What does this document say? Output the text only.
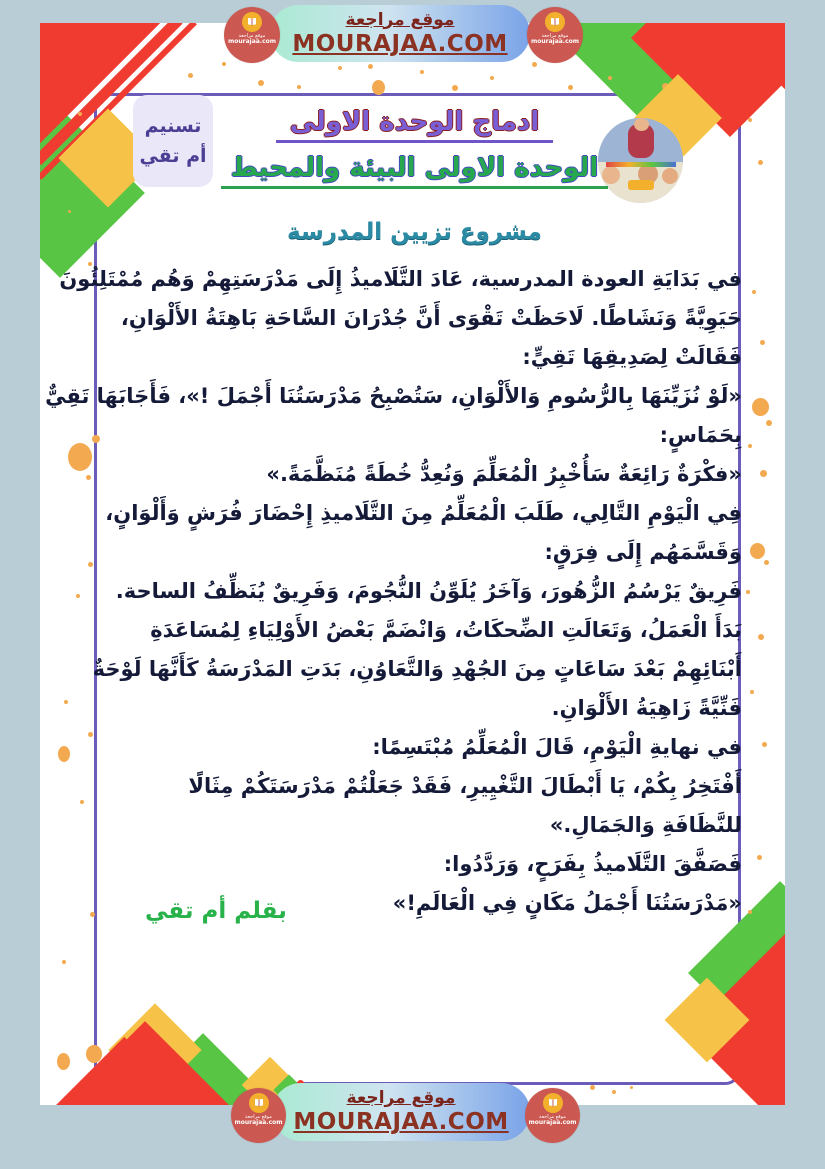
تسنيم
أم تقي
ادماج الوحدة الاولى
الوحدة الاولى البيئة والمحيط
مشروع تزيين المدرسة
في بَدَايَةِ العودة المدرسية، عَادَ التَّلَاميذُ إِلَى مَدْرَسَتِهِمْ وَهُم مُمْتَلِئُونَ
حَيَوِيَّةً وَنَشَاطًا. لَاحَظَتْ تَقْوَى أَنَّ جُدْرَانَ السَّاحَةِ بَاهِتَةُ الأَلْوَانِ،
فَقَالَتْ لِصَدِيقِهَا تَقِيٍّ:
«لَوْ نُزَيِّنَهَا بِالرُّسُومِ وَالأَلْوَانِ، سَتُصْبِحُ مَدْرَسَتُنَا أَجْمَلَ !»، فَأَجَابَهَا تَقِيٌّ
بِحَمَاسٍ:
«فكْرَةٌ رَائِعَةٌ سَأُخْبِرُ الْمُعَلِّمَ وَنُعِدُّ خُطَةً مُنَظَّمَةً.»
فِي الْيَوْمِ التَّالِي، طَلَبَ الْمُعَلِّمُ مِنَ التَّلَاميذِ إِحْضَارَ فُرَشٍ وَأَلْوَانٍ،
وَقَسَّمَهُم إِلَى فِرَقٍ:
فَرِيقٌ يَرْسُمُ الزُّهُورَ، وَآخَرُ يُلَوِّنُ النُّجُومَ، وَفَرِيقٌ يُنَظِّفُ الساحة.
بَدَأَ الْعَمَلُ، وَتَعَالَتِ الضِّحكَاتُ، وَانْضَمَّ بَعْضُ الأَوْلِيَاءِ لِمُسَاعَدَةِ
أَبْنَائِهِمْ بَعْدَ سَاعَاتٍ مِنَ الجُهْدِ وَالتَّعَاوُنِ، بَدَتِ المَدْرَسَةُ كَأَنَّهَا لَوْحَةٌ
فَنِّيَّةً زَاهِيَةُ الأَلْوَانِ.
في نهايةِ الْيَوْمِ، قَالَ الْمُعَلِّمُ مُبْتَسِمًا:
أَفْتَخِرُ بِكُمْ، يَا أَبْطَالَ التَّغْيِيرِ، فَقَدْ جَعَلْتُمْ مَدْرَسَتَكُمْ مِثَالًا
للنَّظَافَةِ وَالجَمَالِ.»
فَصَفَّقَ التَّلَاميذُ بِفَرَحٍ، وَرَدَّدُوا:
«مَدْرَسَتُنَا أَجْمَلُ مَكَانٍ فِي الْعَالَمِ!»
بقلم أم تقي
موقع مراجعة
MOURAJAA.COM
موقع مراجعة
mourajaa.com
موقع مراجعة
mourajaa.com
موقع مراجعة
MOURAJAA.COM
موقع مراجعة
mourajaa.com
موقع مراجعة
mourajaa.com
